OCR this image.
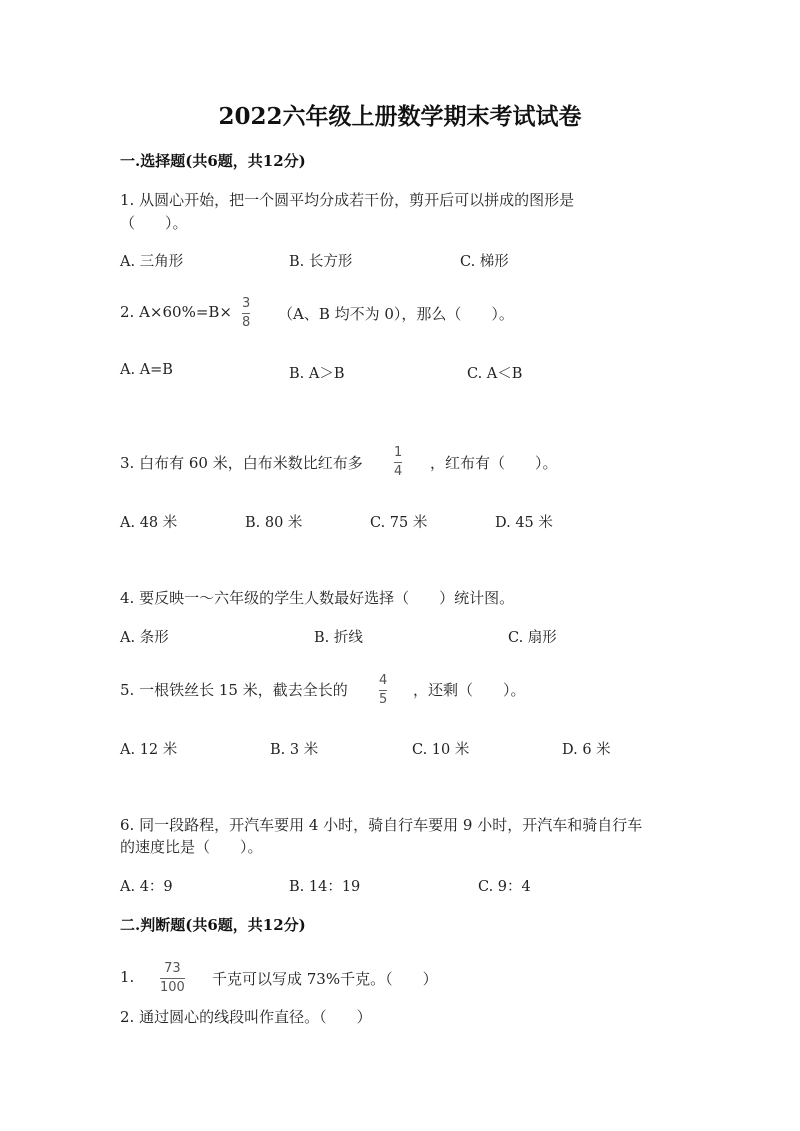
2022六年级上册数学期末考试试卷
一.选择题(共6题，共12分)
1. 从圆心开始，把一个圆平均分成若干份，剪开后可以拼成的图形是
（　　）。
A. 三角形	B. 长方形	C. 梯形
2. A×60%=B× 3
8 （A、B 均不为 0），那么（　　）。
A. A=B	B. A＞B	C. A＜B
3. 白布有 60 米，白布米数比红布多
1
4 ，红布有（　　）。
A. 48 米	B. 80 米	C. 75 米	D. 45 米
4. 要反映一～六年级的学生人数最好选择（　　）统计图。
A. 条形	B. 折线	C. 扇形
5. 一根铁丝长 15 米，截去全长的
4
5
，还剩（　　）。
A. 12 米	B. 3 米	C. 10 米	D. 6 米
6. 同一段路程，开汽车要用 4 小时，骑自行车要用 9 小时，开汽车和骑自行车
的速度比是（　　）。
A. 4：9	B. 14：19	C. 9：4
二.判断题(共6题，共12分)
1. 73
100 千克可以写成 73%千克。（　　）
2. 通过圆心的线段叫作直径。（　　）
